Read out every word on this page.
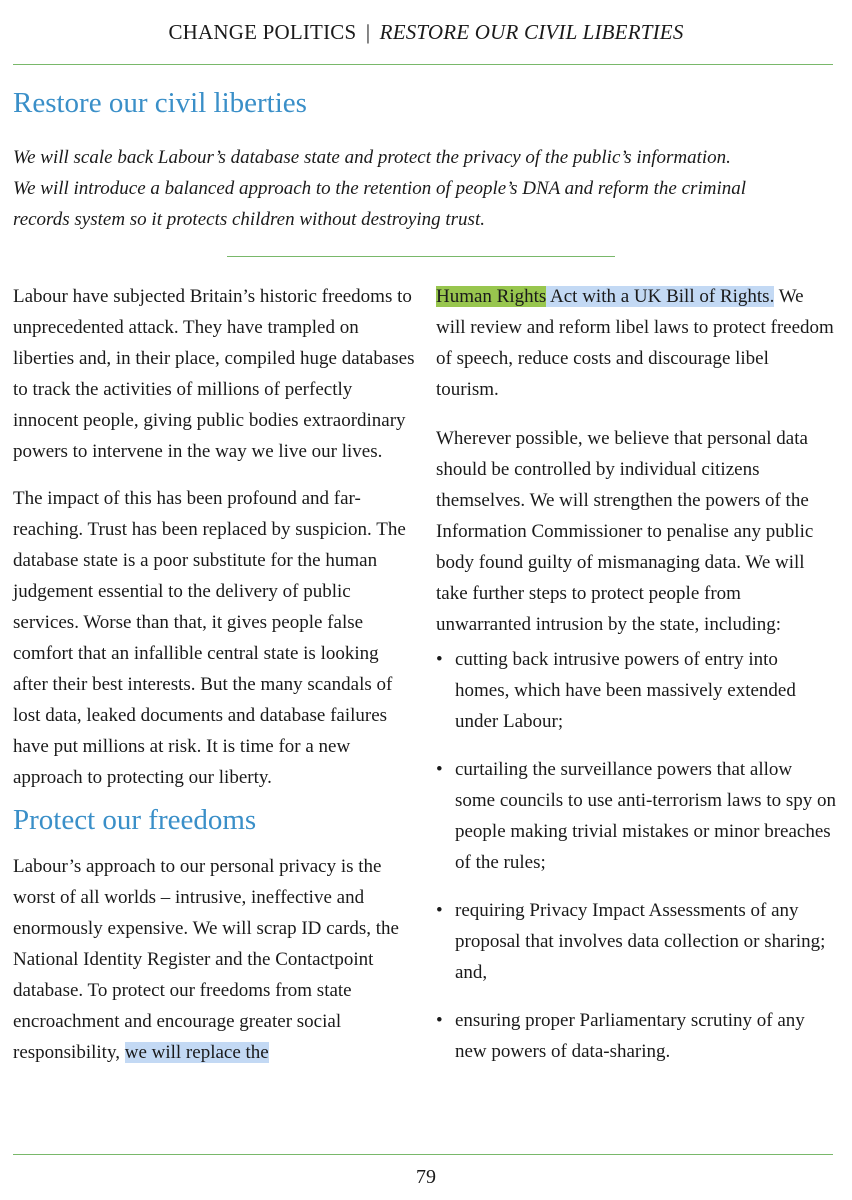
CHANGE POLITICS | RESTORE OUR CIVIL LIBERTIES
Restore our civil liberties

We will scale back Labour’s database state and protect the privacy of the public’s information.
We will introduce a balanced approach to the retention of people’s DNA and reform the criminal
records system so it protects children without destroying trust.

Labour have subjected Britain’s historic freedoms to unprecedented attack. They have trampled on liberties and, in their place, compiled huge databases to track the activities of millions of perfectly innocent people, giving public bodies extraordinary powers to intervene in the way we live our lives.

The impact of this has been profound and far-reaching. Trust has been replaced by suspicion. The database state is a poor substitute for the human judgement essential to the delivery of public services. Worse than that, it gives people false comfort that an infallible central state is looking after their best interests. But the many scandals of lost data, leaked documents and database failures have put millions at risk. It is time for a new approach to protecting our liberty.

Protect our freedoms

Labour’s approach to our personal privacy is the worst of all worlds – intrusive, ineffective and enormously expensive. We will scrap ID cards, the National Identity Register and the Contactpoint database. To protect our freedoms from state encroachment and encourage greater social responsibility, we will replace the

Human Rights Act with a UK Bill of Rights. We will review and reform libel laws to protect freedom of speech, reduce costs and discourage libel tourism.

Wherever possible, we believe that personal data should be controlled by individual citizens themselves. We will strengthen the powers of the Information Commissioner to penalise any public body found guilty of mismanaging data. We will take further steps to protect people from unwarranted intrusion by the state, including:

• cutting back intrusive powers of entry into homes, which have been massively extended under Labour;
• curtailing the surveillance powers that allow some councils to use anti-terrorism laws to spy on people making trivial mistakes or minor breaches of the rules;
• requiring Privacy Impact Assessments of any proposal that involves data collection or sharing; and,
• ensuring proper Parliamentary scrutiny of any new powers of data-sharing.
79
